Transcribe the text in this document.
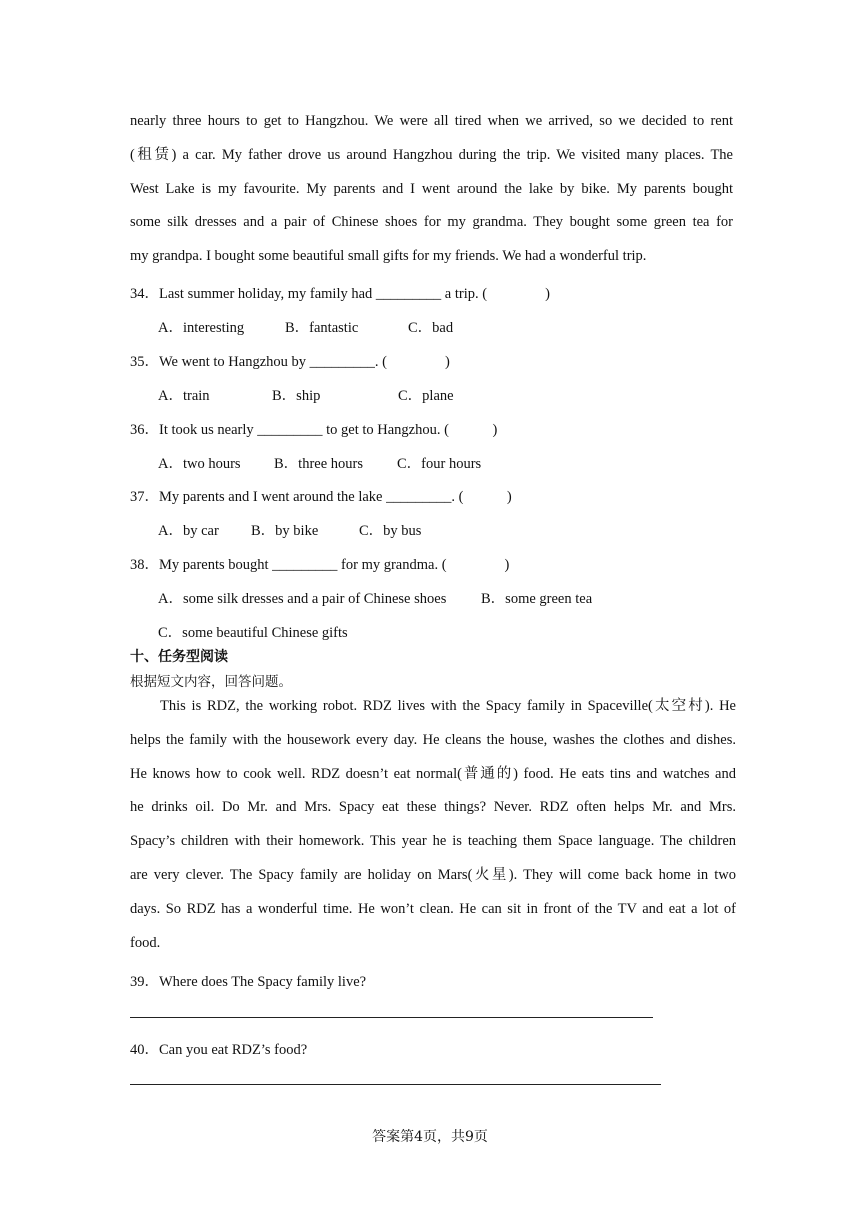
nearly three hours to get to Hangzhou. We were all tired when we arrived, so we decided to rent
(租赁) a car. My father drove us around Hangzhou during the trip. We visited many places. The
West Lake is my favourite. My parents and I went around the lake by bike. My parents bought
some silk dresses and a pair of Chinese shoes for my grandma. They bought some green tea for
my grandpa. I bought some beautiful small gifts for my friends. We had a wonderful trip.
34．Last summer holiday, my family had _________ a trip. (　　　　)
A．interesting	B．fantastic	C．bad
35．We went to Hangzhou by _________. (　　　　)
A．train	B．ship	C．plane
36．It took us nearly _________ to get to Hangzhou. (　　　)
A．two hours B．three hours C．four hours
37．My parents and I went around the lake _________. (　　　)
A．by car B．by bike	C．by bus
38．My parents bought _________ for my grandma. (　　　　)
A．some silk dresses and a pair of Chinese shoes B．some green tea
C．some beautiful Chinese gifts
十、任务型阅读
根据短文内容，回答问题。
This is RDZ, the working robot. RDZ lives with the Spacy family in Spaceville(太空村). He
helps the family with the housework every day. He cleans the house, washes the clothes and dishes.
He knows how to cook well. RDZ doesn’t eat normal(普通的) food. He eats tins and watches and
he drinks oil. Do Mr. and Mrs. Spacy eat these things? Never. RDZ often helps Mr. and Mrs.
Spacy’s children with their homework. This year he is teaching them Space language. The children
are very clever. The Spacy family are holiday on Mars(火星). They will come back home in two
days. So RDZ has a wonderful time. He won’t clean. He can sit in front of the TV and eat a lot of
food.
39．Where does The Spacy family live?
40．Can you eat RDZ’s food?
答案第4页，共9页
